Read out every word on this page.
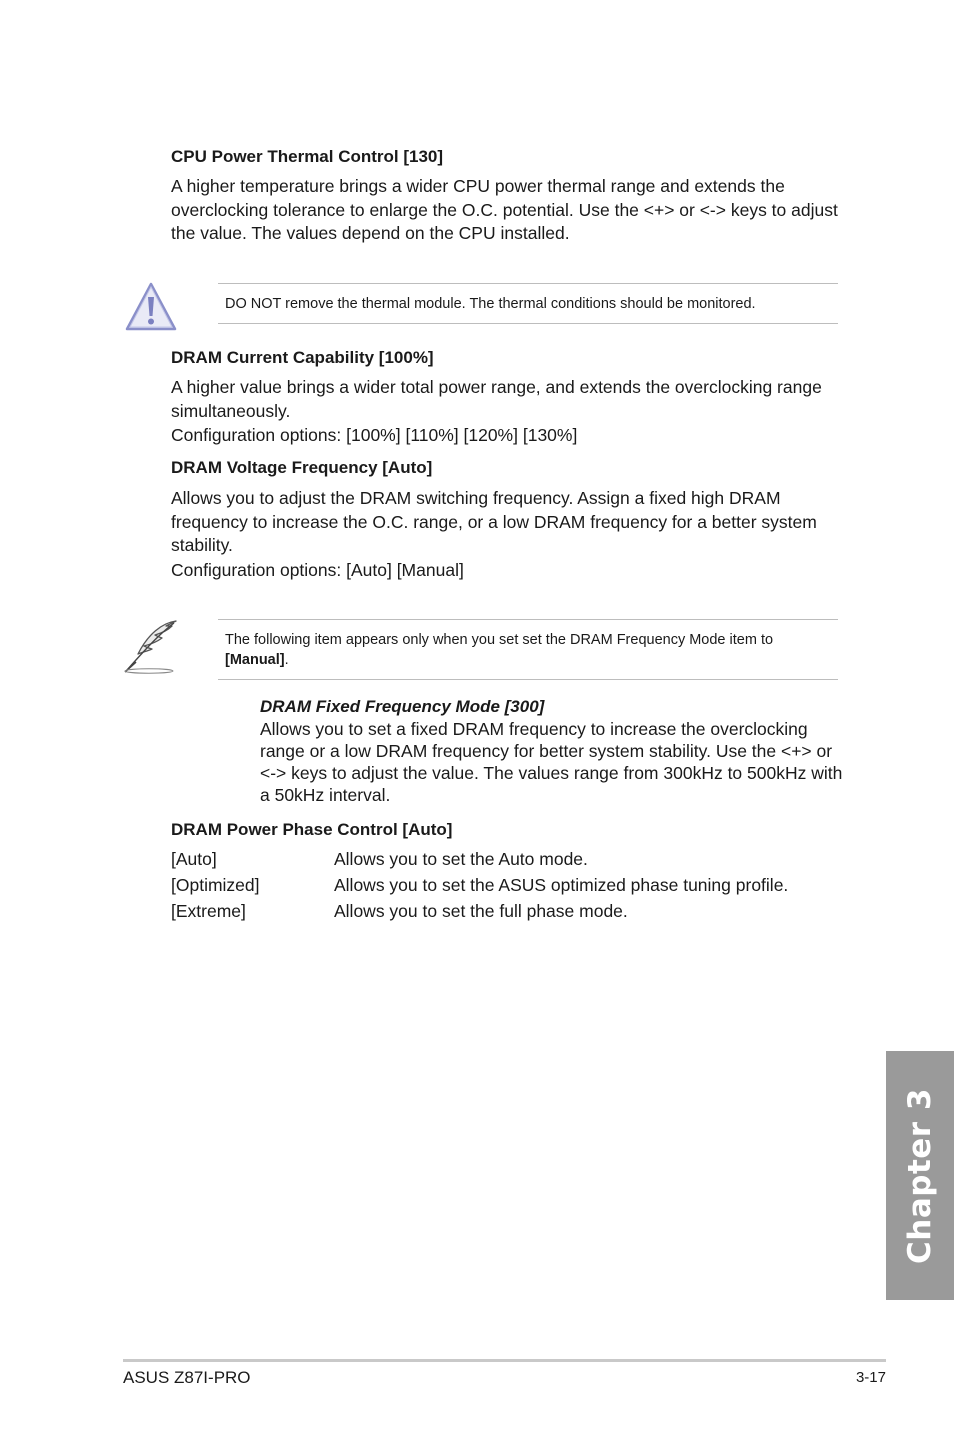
CPU Power Thermal Control [130]
A higher temperature brings a wider CPU power thermal range and extends the
overclocking tolerance to enlarge the O.C. potential. Use the <+> or <-> keys to adjust
the value. The values depend on the CPU installed.
DO NOT remove the thermal module. The thermal conditions should be monitored.
DRAM Current Capability [100%]
A higher value brings a wider total power range, and extends the overclocking range
simultaneously.
Configuration options: [100%] [110%] [120%] [130%]
DRAM Voltage Frequency [Auto]
Allows you to adjust the DRAM switching frequency. Assign a fixed high DRAM
frequency to increase the O.C. range, or a low DRAM frequency for a better system
stability.
Configuration options: [Auto] [Manual]
The following item appears only when you set set the DRAM Frequency Mode item to
[Manual].
DRAM Fixed Frequency Mode [300]
Allows you to set a fixed DRAM frequency to increase the overclocking
range or a low DRAM frequency for better system stability. Use the <+> or
<-> keys to adjust the value. The values range from 300kHz to 500kHz with
a 50kHz interval.
DRAM Power Phase Control [Auto]
[Auto]	Allows you to set the Auto mode.
[Optimized]	Allows you to set the ASUS optimized phase tuning profile.
[Extreme]	Allows you to set the full phase mode.
Chapter 3
ASUS Z87I-PRO	3-17
